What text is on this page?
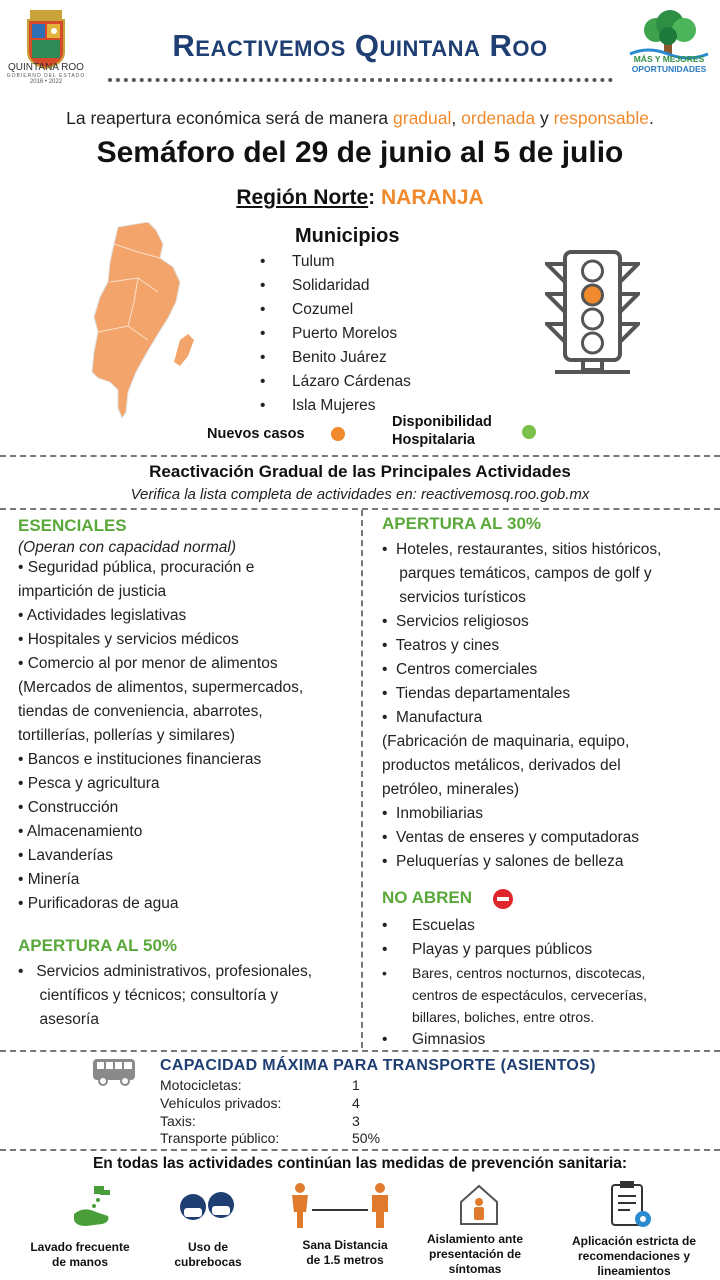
QUINTANA ROO
GOBIERNO DEL ESTADO
2016 • 2022
Reactivemos Quintana Roo	MÁS Y MEJORES
OPORTUNIDADES
La reapertura económica será de manera gradual, ordenada y responsable.
Semáforo del 29 de junio al 5 de julio
Región Norte: NARANJA
Municipios
• Tulum
• Solidaridad
• Cozumel
• Puerto Morelos
• Benito Juárez
• Lázaro Cárdenas
• Isla Mujeres
Nuevos casos
Disponibilidad
Hospitalaria
Reactivación Gradual de las Principales Actividades
Verifica la lista completa de actividades en: reactivemosq.roo.gob.mx
ESENCIALES
(Operan con capacidad normal)
• Seguridad pública, procuración e
impartición de justicia
• Actividades legislativas
• Hospitales y servicios médicos
• Comercio al por menor de alimentos
(Mercados de alimentos, supermercados,
tiendas de conveniencia, abarrotes,
tortillerías, pollerías y similares)
• Bancos e instituciones financieras
• Pesca y agricultura
• Construcción
• Almacenamiento
• Lavanderías
• Minería
• Purificadoras de agua
APERTURA AL 50%
•   Servicios administrativos, profesionales,
científicos y técnicos; consultoría y
asesoría
APERTURA AL 30%
•  Hoteles, restaurantes, sitios históricos,
parques temáticos, campos de golf y
servicios turísticos
•  Servicios religiosos
•  Teatros y cines
•  Centros comerciales
•  Tiendas departamentales
•  Manufactura
(Fabricación de maquinaria, equipo,
productos metálicos, derivados del
petróleo, minerales)
•  Inmobiliarias
•  Ventas de enseres y computadoras
•  Peluquerías y salones de belleza
NO ABREN
• Escuelas
• Playas y parques públicos
• Bares, centros nocturnos, discotecas,
centros de espectáculos, cervecerías,
billares, boliches, entre otros.
• Gimnasios
CAPACIDAD MÁXIMA PARA TRANSPORTE (ASIENTOS)
Motocicletas:	1
Vehículos privados:	4
Taxis:	3
Transporte público:	50%
En todas las actividades continúan las medidas de prevención sanitaria:
Lavado frecuente
de manos
Uso de
cubrebocas
Sana Distancia
de 1.5 metros
Aislamiento ante
presentación de
síntomas
Aplicación estricta de
recomendaciones y
lineamientos
